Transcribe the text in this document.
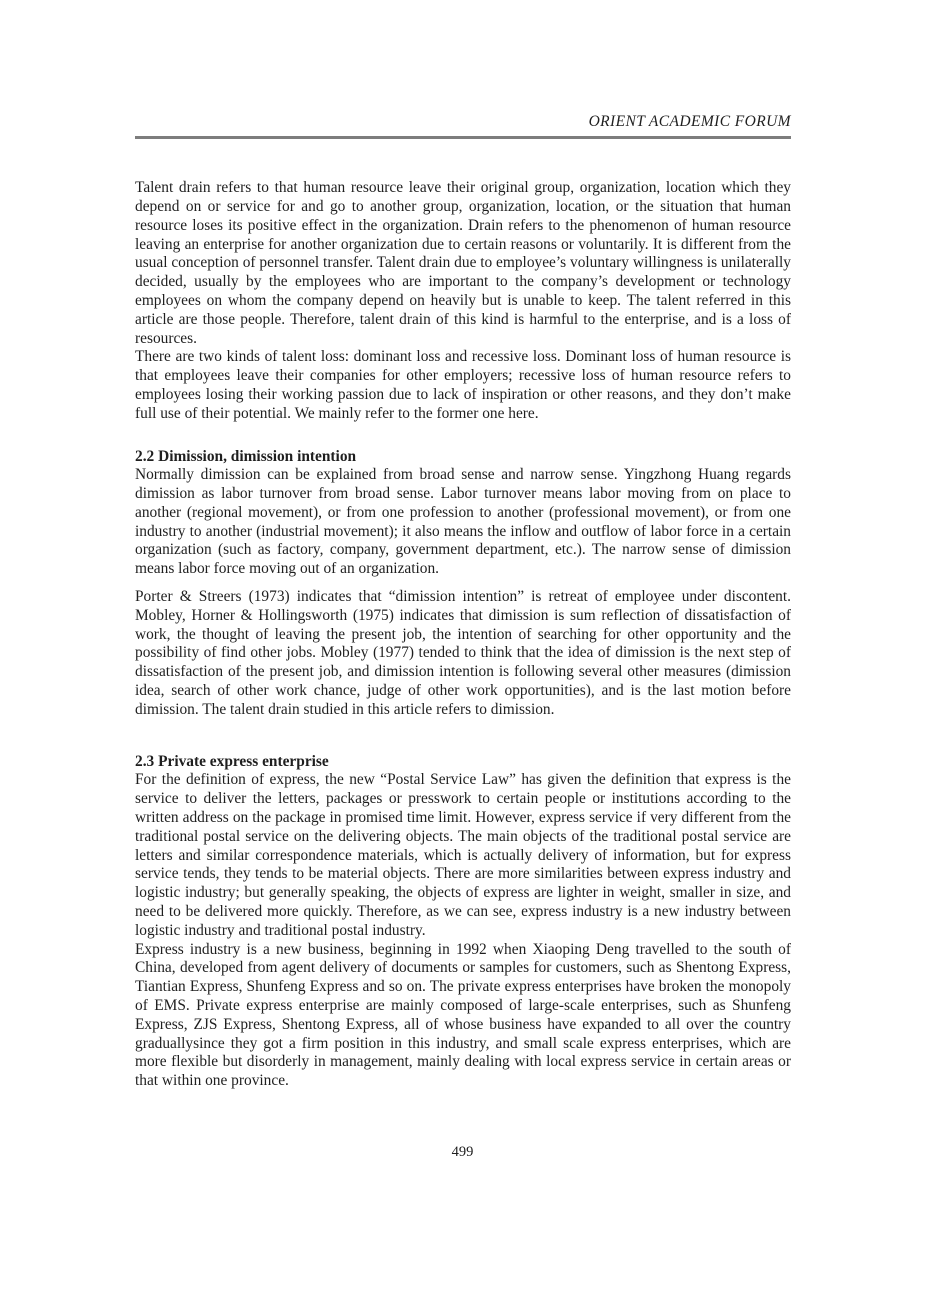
ORIENT ACADEMIC FORUM

Talent drain refers to that human resource leave their original group, organization, location which they depend on or service for and go to another group, organization, location, or the situation that human resource loses its positive effect in the organization. Drain refers to the phenomenon of human resource leaving an enterprise for another organization due to certain reasons or voluntarily. It is different from the usual conception of personnel transfer. Talent drain due to employee’s voluntary willingness is unilaterally decided, usually by the employees who are important to the company’s development or technology employees on whom the company depend on heavily but is unable to keep. The talent referred in this article are those people. Therefore, talent drain of this kind is harmful to the enterprise, and is a loss of resources.

There are two kinds of talent loss: dominant loss and recessive loss. Dominant loss of human resource is that employees leave their companies for other employers; recessive loss of human resource refers to employees losing their working passion due to lack of inspiration or other reasons, and they don’t make full use of their potential. We mainly refer to the former one here.

2.2 Dimission, dimission intention

Normally dimission can be explained from broad sense and narrow sense. Yingzhong Huang regards dimission as labor turnover from broad sense. Labor turnover means labor moving from on place to another (regional movement), or from one profession to another (professional movement), or from one industry to another (industrial movement); it also means the inflow and outflow of labor force in a certain organization (such as factory, company, government department, etc.). The narrow sense of dimission means labor force moving out of an organization.

Porter & Streers (1973) indicates that “dimission intention” is retreat of employee under discontent. Mobley, Horner & Hollingsworth (1975) indicates that dimission is sum reflection of dissatisfaction of work, the thought of leaving the present job, the intention of searching for other opportunity and the possibility of find other jobs. Mobley (1977) tended to think that the idea of dimission is the next step of dissatisfaction of the present job, and dimission intention is following several other measures (dimission idea, search of other work chance, judge of other work opportunities), and is the last motion before dimission. The talent drain studied in this article refers to dimission.

2.3 Private express enterprise

For the definition of express, the new “Postal Service Law” has given the definition that express is the service to deliver the letters, packages or presswork to certain people or institutions according to the written address on the package in promised time limit. However, express service if very different from the traditional postal service on the delivering objects. The main objects of the traditional postal service are letters and similar correspondence materials, which is actually delivery of information, but for express service tends, they tends to be material objects. There are more similarities between express industry and logistic industry; but generally speaking, the objects of express are lighter in weight, smaller in size, and need to be delivered more quickly. Therefore, as we can see, express industry is a new industry between logistic industry and traditional postal industry.

Express industry is a new business, beginning in 1992 when Xiaoping Deng travelled to the south of China, developed from agent delivery of documents or samples for customers, such as Shentong Express, Tiantian Express, Shunfeng Express and so on. The private express enterprises have broken the monopoly of EMS. Private express enterprise are mainly composed of large-scale enterprises, such as Shunfeng Express, ZJS Express, Shentong Express, all of whose business have expanded to all over the country graduallysince they got a firm position in this industry, and small scale express enterprises, which are more flexible but disorderly in management, mainly dealing with local express service in certain areas or that within one province.

499
